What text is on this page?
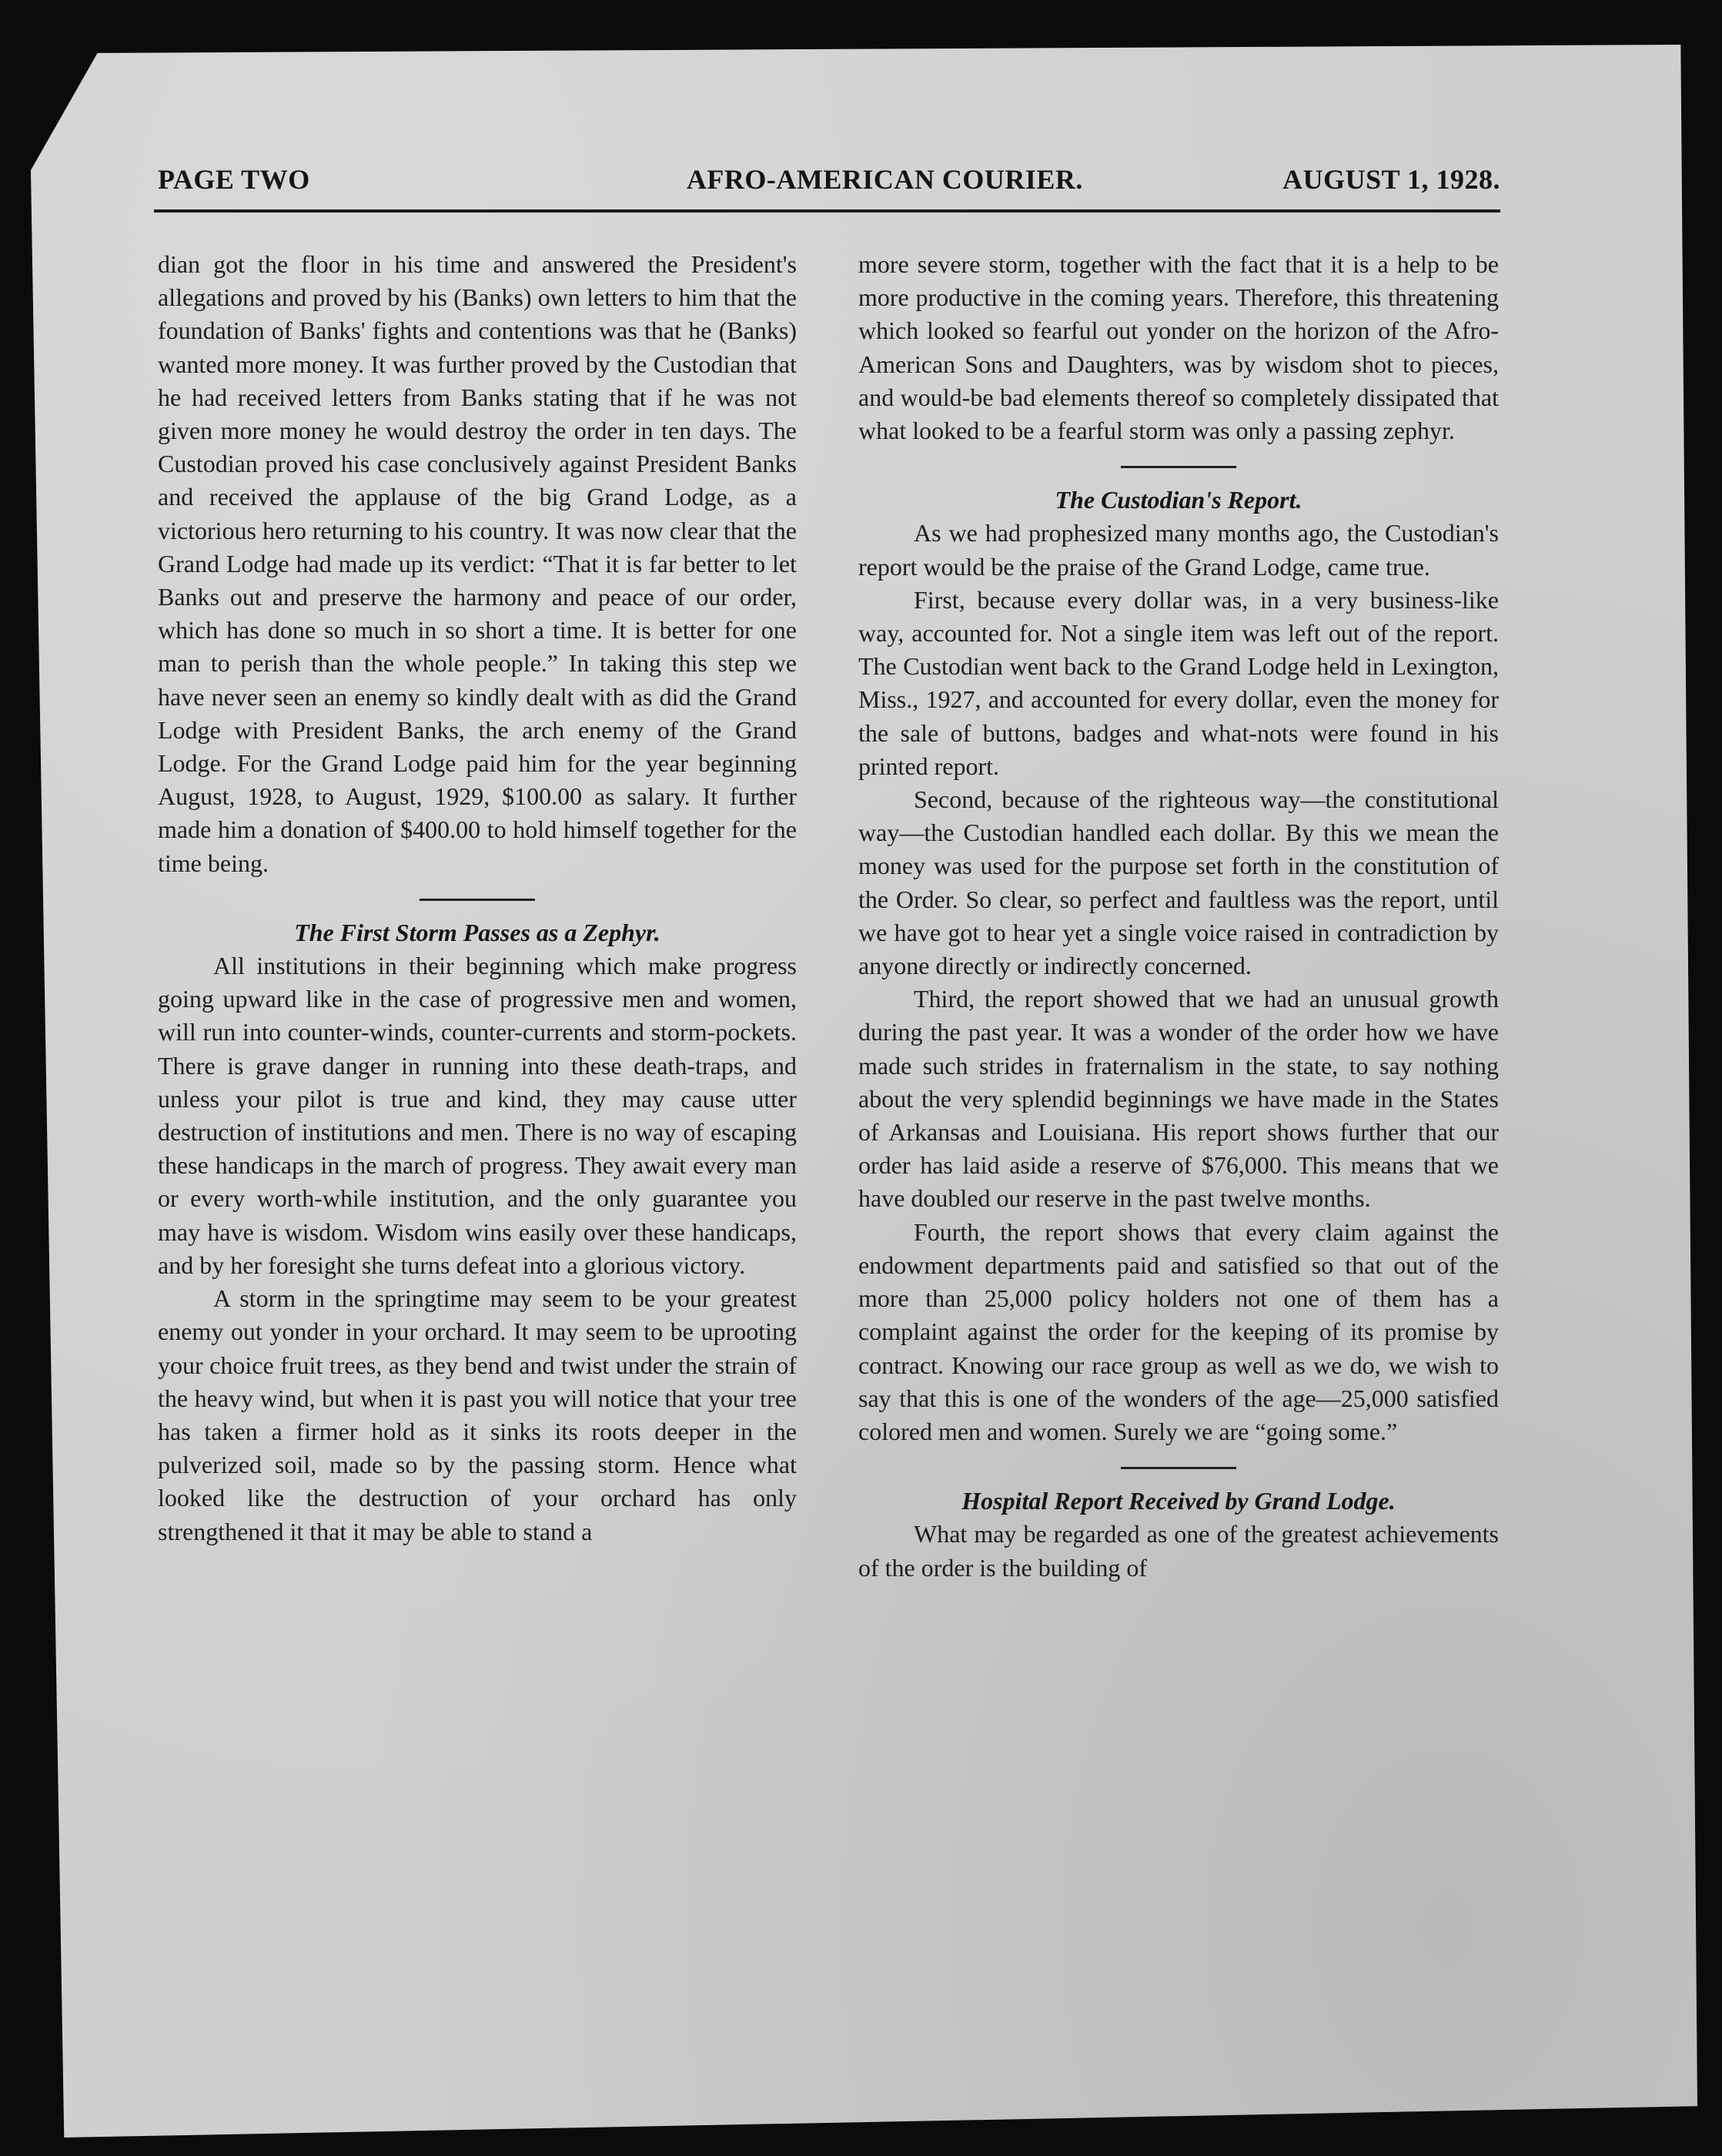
PAGE TWO	AFRO-AMERICAN COURIER.	AUGUST 1, 1928.

dian got the floor in his time and answered the President's allegations and proved by his (Banks) own letters to him that the foundation of Banks' fights and contentions was that he (Banks) wanted more money. It was further proved by the Custodian that he had received letters from Banks stating that if he was not given more money he would destroy the order in ten days. The Custodian proved his case conclusively against President Banks and received the applause of the big Grand Lodge, as a victorious hero returning to his country. It was now clear that the Grand Lodge had made up its verdict: “That it is far better to let Banks out and preserve the harmony and peace of our order, which has done so much in so short a time. It is better for one man to perish than the whole people.” In taking this step we have never seen an enemy so kindly dealt with as did the Grand Lodge with President Banks, the arch enemy of the Grand Lodge. For the Grand Lodge paid him for the year beginning August, 1928, to August, 1929, $100.00 as salary. It further made him a donation of $400.00 to hold himself together for the time being.

The First Storm Passes as a Zephyr.

All institutions in their beginning which make progress going upward like in the case of progressive men and women, will run into counter-winds, counter-currents and storm-pockets. There is grave danger in running into these death-traps, and unless your pilot is true and kind, they may cause utter destruction of institutions and men. There is no way of escaping these handicaps in the march of progress. They await every man or every worth-while institution, and the only guarantee you may have is wisdom. Wisdom wins easily over these handicaps, and by her foresight she turns defeat into a glorious victory.

A storm in the springtime may seem to be your greatest enemy out yonder in your orchard. It may seem to be uprooting your choice fruit trees, as they bend and twist under the strain of the heavy wind, but when it is past you will notice that your tree has taken a firmer hold as it sinks its roots deeper in the pulverized soil, made so by the passing storm. Hence what looked like the destruction of your orchard has only strengthened it that it may be able to stand a

more severe storm, together with the fact that it is a help to be more productive in the coming years. Therefore, this threatening which looked so fearful out yonder on the horizon of the Afro-American Sons and Daughters, was by wisdom shot to pieces, and would-be bad elements thereof so completely dissipated that what looked to be a fearful storm was only a passing zephyr.

The Custodian's Report.

As we had prophesized many months ago, the Custodian's report would be the praise of the Grand Lodge, came true.

First, because every dollar was, in a very business-like way, accounted for. Not a single item was left out of the report. The Custodian went back to the Grand Lodge held in Lexington, Miss., 1927, and accounted for every dollar, even the money for the sale of buttons, badges and what-nots were found in his printed report.

Second, because of the righteous way—the constitutional way—the Custodian handled each dollar. By this we mean the money was used for the purpose set forth in the constitution of the Order. So clear, so perfect and faultless was the report, until we have got to hear yet a single voice raised in contradiction by anyone directly or indirectly concerned.

Third, the report showed that we had an unusual growth during the past year. It was a wonder of the order how we have made such strides in fraternalism in the state, to say nothing about the very splendid beginnings we have made in the States of Arkansas and Louisiana. His report shows further that our order has laid aside a reserve of $76,000. This means that we have doubled our reserve in the past twelve months.

Fourth, the report shows that every claim against the endowment departments paid and satisfied so that out of the more than 25,000 policy holders not one of them has a complaint against the order for the keeping of its promise by contract. Knowing our race group as well as we do, we wish to say that this is one of the wonders of the age—25,000 satisfied colored men and women. Surely we are “going some.”

Hospital Report Received by Grand Lodge.

What may be regarded as one of the greatest achievements of the order is the building of
